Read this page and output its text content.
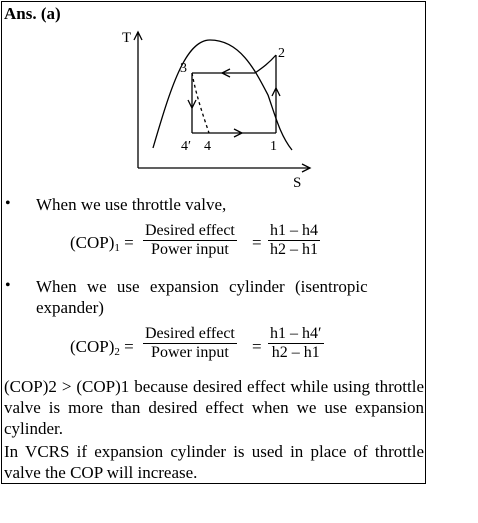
Ans. (a)
T
S
3
2
1
4′ 4
• When we use throttle valve,
$(COP)_1$ =
Desired effect
Power input	= $\frac{h1 - h4}{h2 - h1}$
• When we use expansion cylinder (isentropic
expander)
$(COP)_2$ =
Desired effect
Power input	= $\frac{h1 - h4'}{h2 - h1}$
(COP)2 > (COP)1 because desired effect while using throttle valve is more than desired effect when we use expansion cylinder.
In VCRS if expansion cylinder is used in place of throttle valve the COP will increase.
